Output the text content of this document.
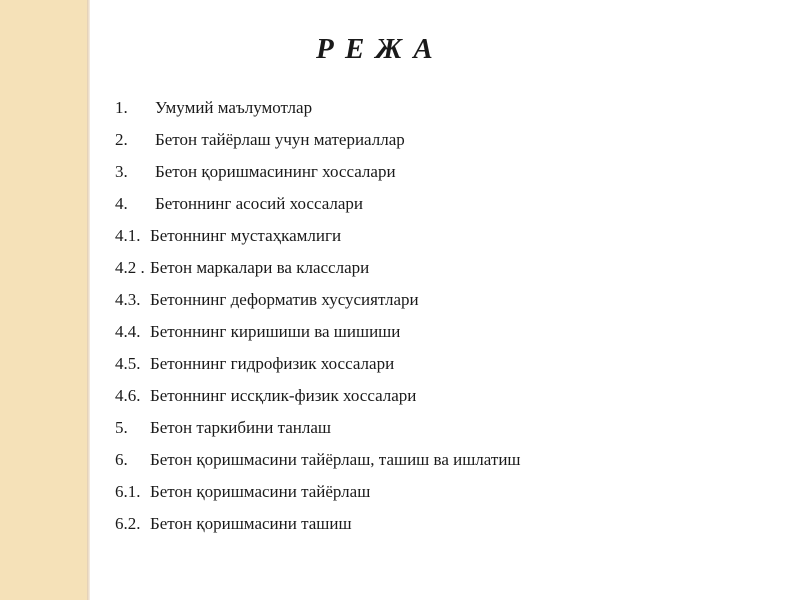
Р Е Ж А
1. Умумий маълумотлар
2. Бетон тайёрлаш учун материаллар
3. Бетон қоришмасининг хоссалари
4. Бетоннинг асосий хоссалари
4.1. Бетоннинг мустаҳкамлиги
4.2 . Бетон маркалари ва класслари
4.3. Бетоннинг деформатив хусусиятлари
4.4. Бетоннинг киришиши ва шишиши
4.5. Бетоннинг гидрофизик хоссалари
4.6. Бетоннинг иссқлик-физик хоссалари
5. Бетон таркибини танлаш
6. Бетон қоришмасини тайёрлаш, ташиш ва ишлатиш
6.1. Бетон қоришмасини тайёрлаш
6.2. Бетон қоришмасини ташиш
